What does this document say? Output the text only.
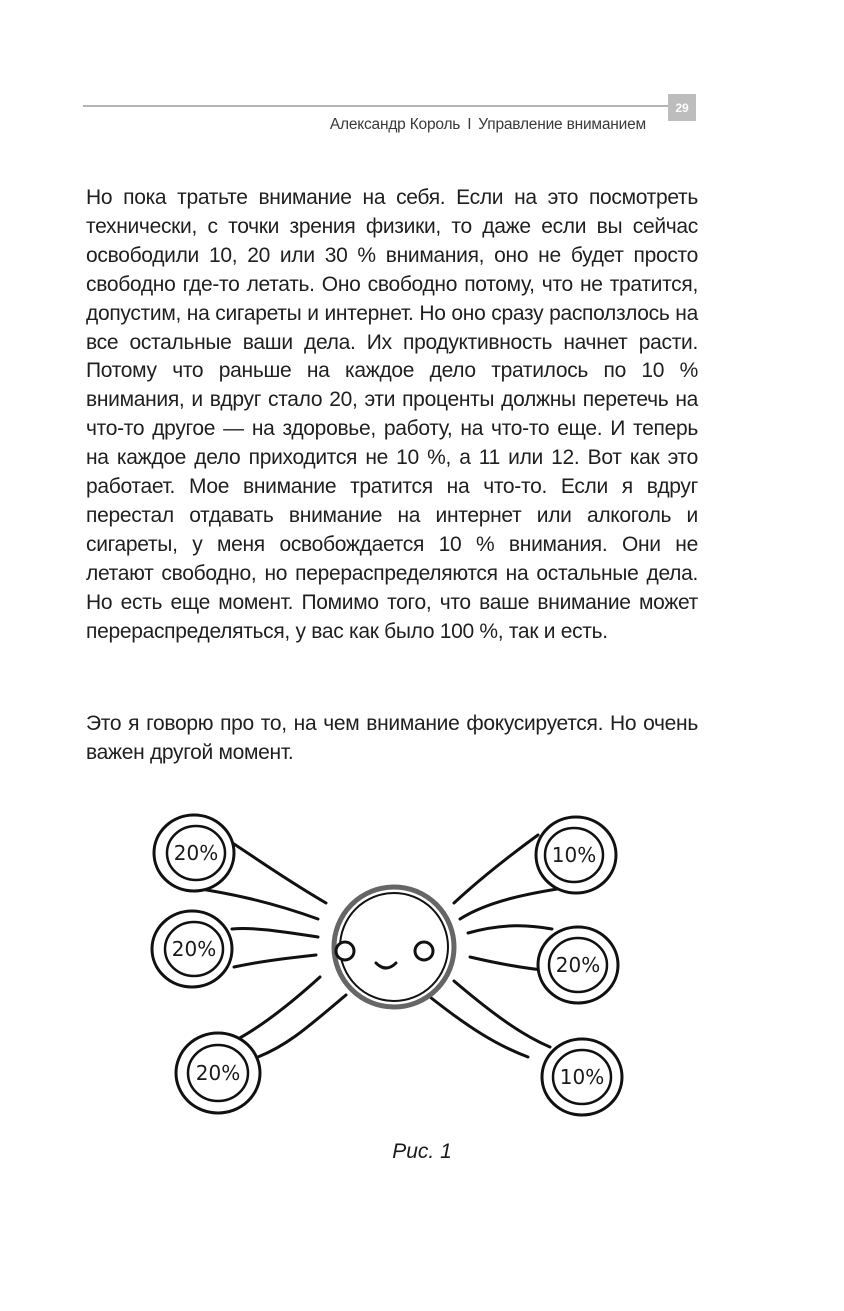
29
Александр Король I Управление вниманием

Но пока тратьте внимание на себя. Если на это посмотреть технически, с точки зрения физики, то даже если вы сейчас освободили 10, 20 или 30 % внимания, оно не будет просто свободно где-то летать. Оно свободно потому, что не тратится, допустим, на сигареты и интернет. Но оно сразу расползлось на все остальные ваши дела. Их продуктивность начнет расти. Потому что раньше на каждое дело тратилось по 10 % внимания, и вдруг стало 20, эти проценты должны перетечь на что-то другое — на здоровье, работу, на что-то еще. И теперь на каждое дело приходится не 10 %, а 11 или 12. Вот как это работает. Мое внимание тратится на что-то. Если я вдруг перестал отдавать внимание на интернет или алкоголь и сигареты, у меня освобождается 10 % внимания. Они не летают свободно, но перераспределяются на остальные дела. Но есть еще момент. Помимо того, что ваше внимание может перераспределяться, у вас как было 100 %, так и есть.

Это я говорю про то, на чем внимание фокусируется. Но очень важен другой момент.

20%
20%
20%
10%
20%
10%
Рис. 1
